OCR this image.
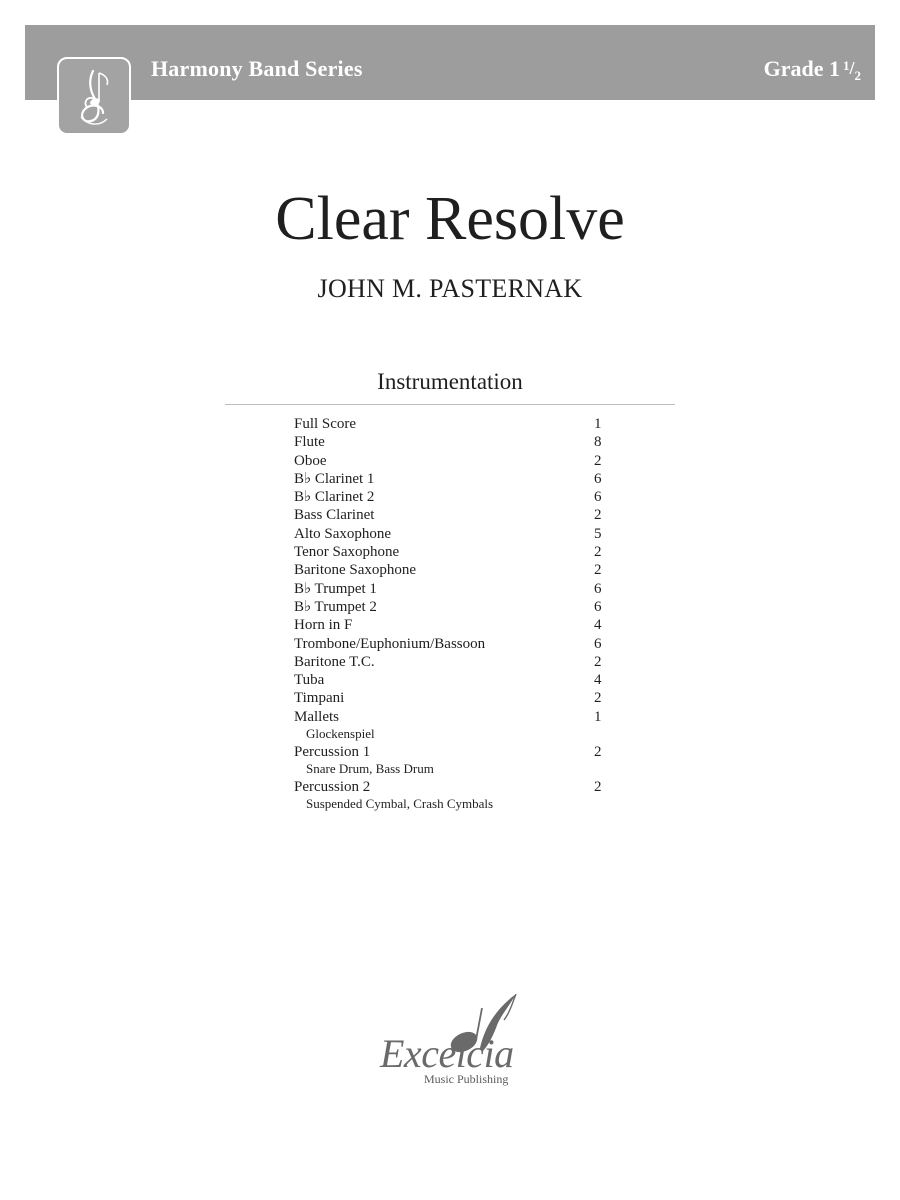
Harmony Band Series	Grade 1 1/2
Clear Resolve
JOHN M. PASTERNAK
Instrumentation
Full Score	1
Flute	8
Oboe	2
B♭ Clarinet 1	6
B♭ Clarinet 2	6
Bass Clarinet	2
Alto Saxophone	5
Tenor Saxophone	2
Baritone Saxophone	2
B♭ Trumpet 1	6
B♭ Trumpet 2	6
Horn in F	4
Trombone/Euphonium/Bassoon	6
Baritone T.C.	2
Tuba	4
Timpani	2
Mallets	1
Glockenspiel
Percussion 1	2
Snare Drum, Bass Drum
Percussion 2	2
Suspended Cymbal, Crash Cymbals
Excelcia
Music Publishing
